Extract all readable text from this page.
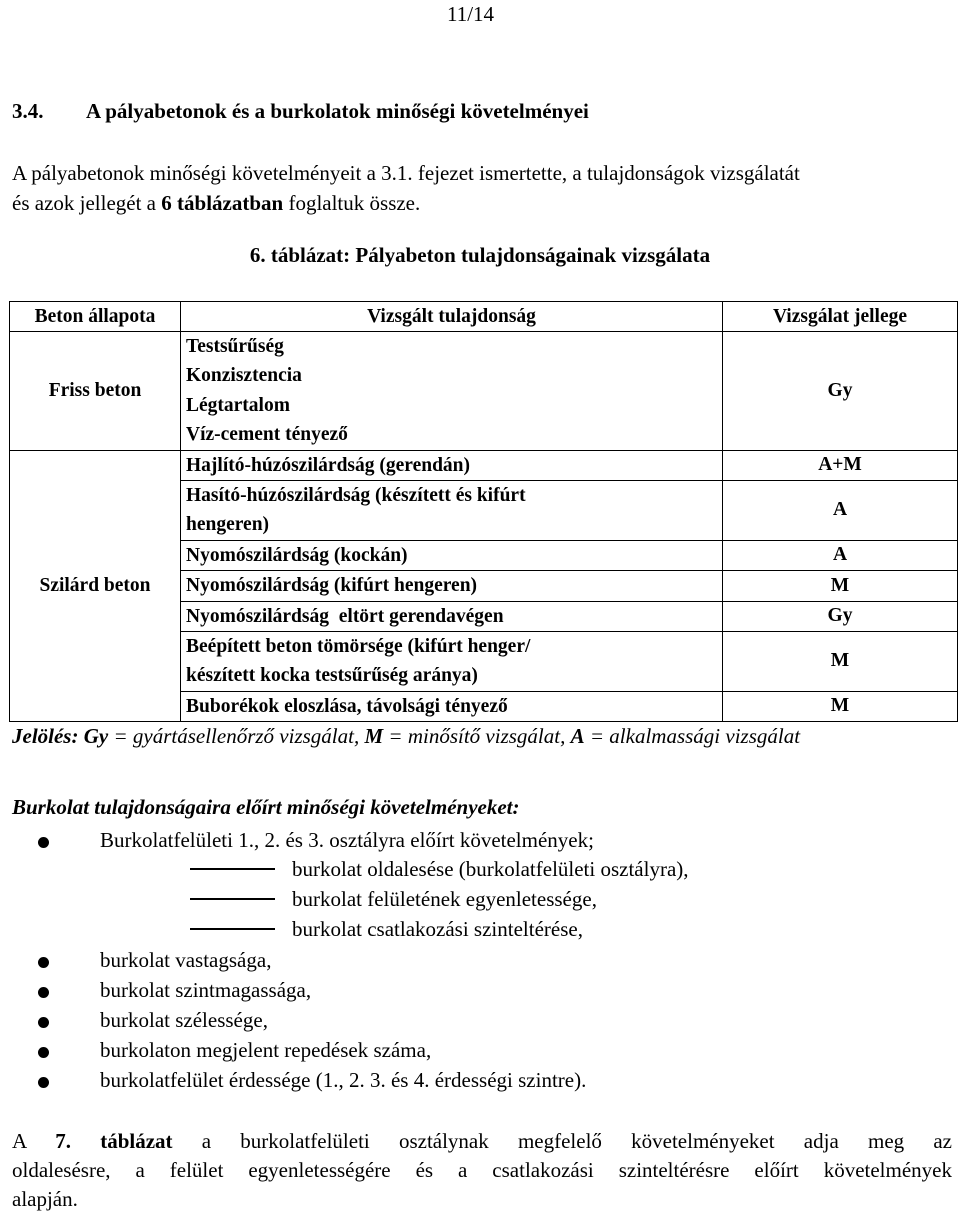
11/14
3.4. A pályabetonok és a burkolatok minőségi követelményei
A pályabetonok minőségi követelményeit a 3.1. fejezet ismertette, a tulajdonságok vizsgálatát
és azok jellegét a 6 táblázatban foglaltuk össze.
6. táblázat: Pályabeton tulajdonságainak vizsgálata
Beton állapota	Vizsgált tulajdonság	Vizsgálat jellege
Friss beton	Testsűrűség
Konzisztencia
Légtartalom
Víz-cement tényező	Gy
Szilárd beton	Hajlító-húzószilárdság (gerendán)	A+M

	Hasító-húzószilárdság (készített és kifúrt
hengeren)	A

	Nyomószilárdság (kockán)	A

	Nyomószilárdság (kifúrt hengeren)	M

	Nyomószilárdság  eltört gerendavégen	Gy

	Beépített beton tömörsége (kifúrt henger/
készített kocka testsűrűség aránya)	M

	Buborékok eloszlása, távolsági tényező	M
Jelölés: Gy = gyártásellenőrző vizsgálat, M = minősítő vizsgálat, A = alkalmassági vizsgálat
Burkolat tulajdonságaira előírt minőségi követelményeket:
Burkolatfelületi 1., 2. és 3. osztályra előírt követelmények;
burkolat oldalesése (burkolatfelületi osztályra),
burkolat felületének egyenletessége,
burkolat csatlakozási szinteltérése,
burkolat vastagsága,
burkolat szintmagassága,
burkolat szélessége,
burkolaton megjelent repedések száma,
burkolatfelület érdessége (1., 2. 3. és 4. érdességi szintre).
A 7. táblázat a burkolatfelületi osztálynak megfelelő követelményeket adja meg az
oldalesésre, a felület egyenletességére és a csatlakozási szinteltérésre előírt követelmények
alapján.
